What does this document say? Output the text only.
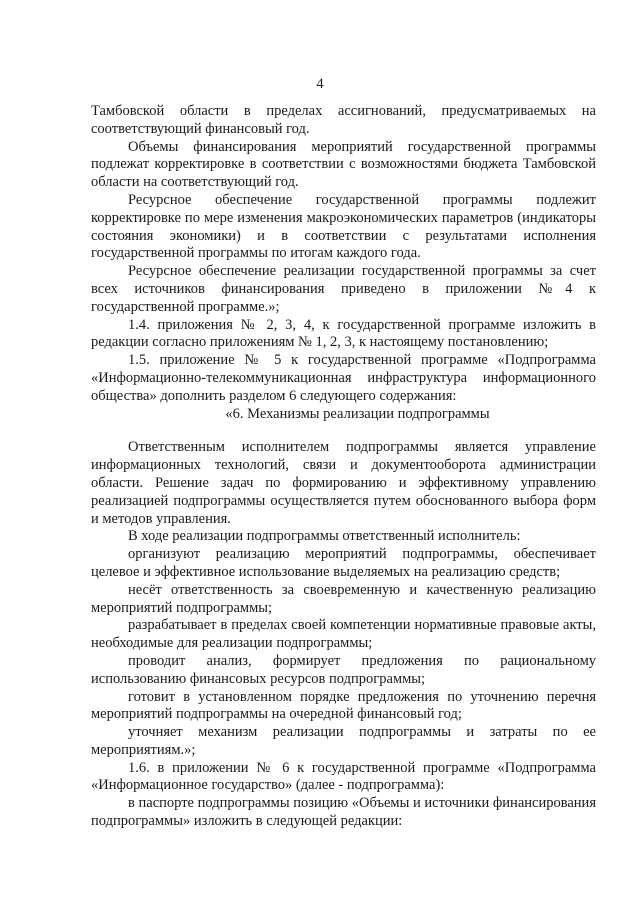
4

Тамбовской области в пределах ассигнований, предусматриваемых на соответствующий финансовый год.

Объемы финансирования мероприятий государственной программы подлежат корректировке в соответствии с возможностями бюджета Тамбовской области на соответствующий год.

Ресурсное обеспечение государственной программы подлежит корректировке по мере изменения макроэкономических параметров (индикаторы состояния экономики) и в соответствии с результатами исполнения государственной программы по итогам каждого года.

Ресурсное обеспечение реализации государственной программы за счет всех источников финансирования приведено в приложении №4 к государственной программе.»;

1.4. приложения № 2, 3, 4, к государственной программе изложить в редакции согласно приложениям № 1, 2, 3, к настоящему постановлению;

1.5. приложение № 5 к государственной программе «Подпрограмма «Информационно-телекоммуникационная инфраструктура информационного общества» дополнить разделом 6 следующего содержания:

«6. Механизмы реализации подпрограммы

Ответственным исполнителем подпрограммы является управление информационных технологий, связи и документооборота администрации области. Решение задач по формированию и эффективному управлению реализацией подпрограммы осуществляется путем обоснованного выбора форм и методов управления.

В ходе реализации подпрограммы ответственный исполнитель:

организуют реализацию мероприятий подпрограммы, обеспечивает целевое и эффективное использование выделяемых на реализацию средств;

несёт ответственность за своевременную и качественную реализацию мероприятий подпрограммы;

разрабатывает в пределах своей компетенции нормативные правовые акты, необходимые для реализации подпрограммы;

проводит анализ, формирует предложения по рациональному использованию финансовых ресурсов подпрограммы;

готовит в установленном порядке предложения по уточнению перечня мероприятий подпрограммы на очередной финансовый год;

уточняет механизм реализации подпрограммы и затраты по ее мероприятиям.»;

1.6. в приложении № 6 к государственной программе «Подпрограмма «Информационное государство» (далее - подпрограмма):

в паспорте подпрограммы позицию «Объемы и источники финансирования подпрограммы» изложить в следующей редакции:
